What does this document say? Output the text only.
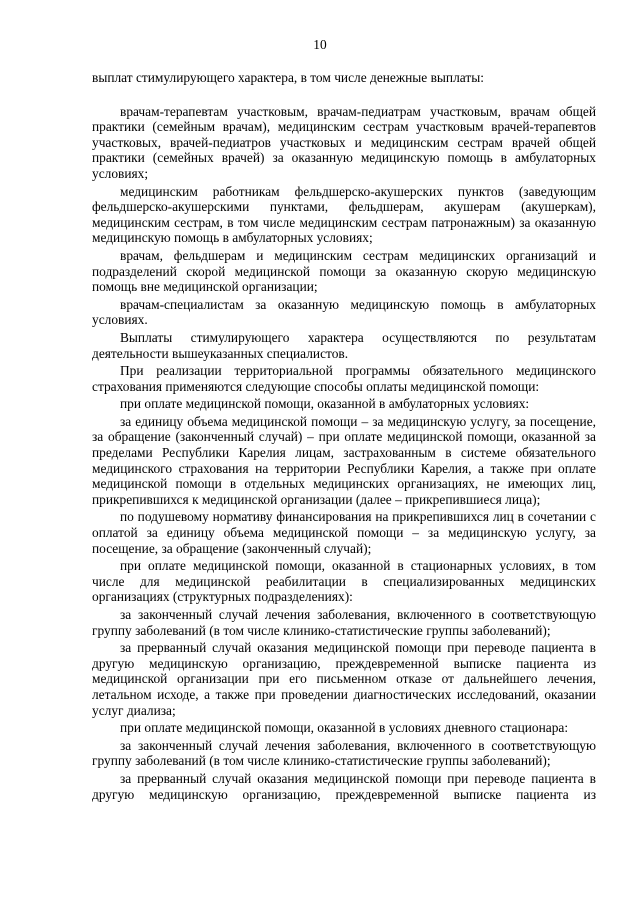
10

выплат стимулирующего характера, в том числе денежные выплаты:

врачам-терапевтам участковым, врачам-педиатрам участковым, врачам общей практики (семейным врачам), медицинским сестрам участковым врачей-терапевтов участковых, врачей-педиатров участковых и медицинским сестрам врачей общей практики (семейных врачей) за оказанную медицинскую помощь в амбулаторных условиях;

медицинским работникам фельдшерско-акушерских пунктов (заведующим фельдшерско-акушерскими пунктами, фельдшерам, акушерам (акушеркам), медицинским сестрам, в том числе медицинским сестрам патронажным) за оказанную медицинскую помощь в амбулаторных условиях;

врачам, фельдшерам и медицинским сестрам медицинских организаций и подразделений скорой медицинской помощи за оказанную скорую медицинскую помощь вне медицинской организации;

врачам-специалистам за оказанную медицинскую помощь в амбулаторных условиях.

Выплаты стимулирующего характера осуществляются по результатам деятельности вышеуказанных специалистов.

При реализации территориальной программы обязательного медицинского страхования применяются следующие способы оплаты медицинской помощи:

при оплате медицинской помощи, оказанной в амбулаторных условиях:

за единицу объема медицинской помощи – за медицинскую услугу, за посещение, за обращение (законченный случай) – при оплате медицинской помощи, оказанной за пределами Республики Карелия лицам, застрахованным в системе обязательного медицинского страхования на территории Республики Карелия, а также при оплате медицинской помощи в отдельных медицинских организациях, не имеющих лиц, прикрепившихся к медицинской организации (далее – прикрепившиеся лица);

по подушевому нормативу финансирования на прикрепившихся лиц в сочетании с оплатой за единицу объема медицинской помощи – за медицинскую услугу, за посещение, за обращение (законченный случай);

при оплате медицинской помощи, оказанной в стационарных условиях, в том числе для медицинской реабилитации в специализированных медицинских организациях (структурных подразделениях):

за законченный случай лечения заболевания, включенного в соответствующую группу заболеваний (в том числе клинико-статистические группы заболеваний);

за прерванный случай оказания медицинской помощи при переводе пациента в другую медицинскую организацию, преждевременной выписке пациента из медицинской организации при его письменном отказе от дальнейшего лечения, летальном исходе, а также при проведении диагностических исследований, оказании услуг диализа;

при оплате медицинской помощи, оказанной в условиях дневного стационара:

за законченный случай лечения заболевания, включенного в соответствующую группу заболеваний (в том числе клинико-статистические группы заболеваний);

за прерванный случай оказания медицинской помощи при переводе пациента в другую медицинскую организацию, преждевременной выписке пациента из
